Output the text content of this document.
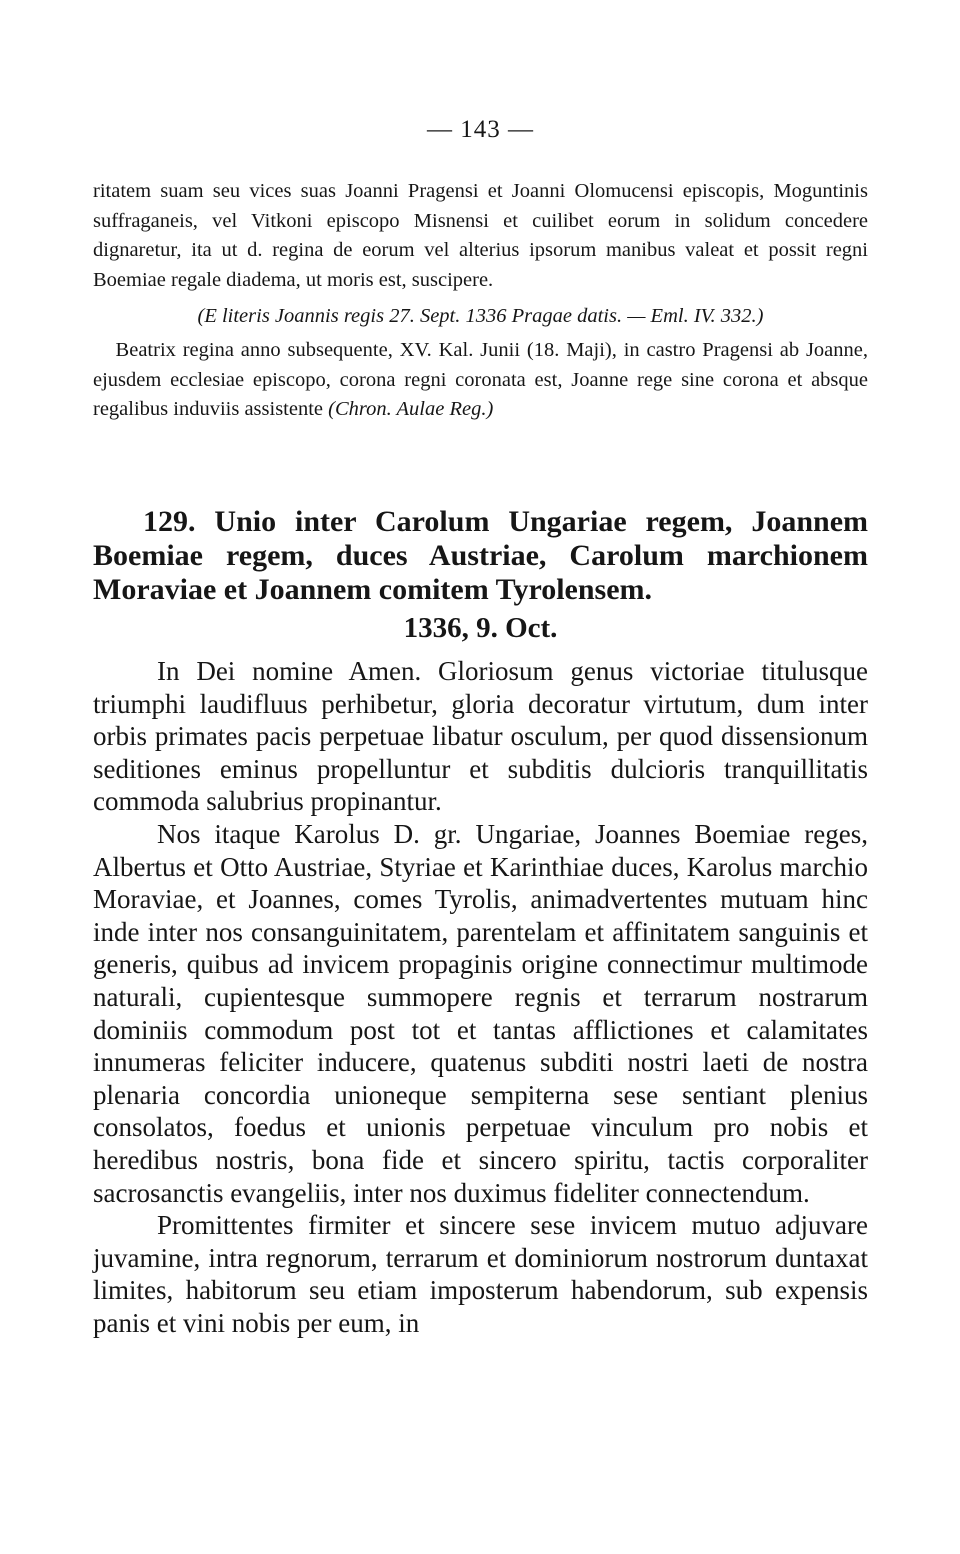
— 143 —

ritatem suam seu vices suas Joanni Pragensi et Joanni Olomucensi episcopis, Moguntinis suffraganeis, vel Vitkoni episcopo Misnensi et cuilibet eorum in solidum concedere dignaretur, ita ut d. regina de eorum vel alterius ipsorum manibus valeat et possit regni Boemiae regale diadema, ut moris est, suscipere.

(E literis Joannis regis 27. Sept. 1336 Pragae datis. — Eml. IV. 332.)

Beatrix regina anno subsequente, XV. Kal. Junii (18. Maji), in castro Pragensi ab Joanne, ejusdem ecclesiae episcopo, corona regni coronata est, Joanne rege sine corona et absque regalibus induviis assistente (Chron. Aulae Reg.)

129. Unio inter Carolum Ungariae regem, Joannem Boemiae regem, duces Austriae, Carolum marchionem Moraviae et Joannem comitem Tyrolensem.

1336, 9. Oct.

In Dei nomine Amen. Gloriosum genus victoriae titulusque triumphi laudifluus perhibetur, gloria decoratur virtutum, dum inter orbis primates pacis perpetuae libatur osculum, per quod dissensionum seditiones eminus propelluntur et subditis dulcioris tranquillitatis commoda salubrius propinantur.

Nos itaque Karolus D. gr. Ungariae, Joannes Boemiae reges, Albertus et Otto Austriae, Styriae et Karinthiae duces, Karolus marchio Moraviae, et Joannes, comes Tyrolis, animadvertentes mutuam hinc inde inter nos consanguinitatem, parentelam et affinitatem sanguinis et generis, quibus ad invicem propaginis origine connectimur multimode naturali, cupientesque summopere regnis et terrarum nostrarum dominiis commodum post tot et tantas afflictiones et calamitates innumeras feliciter inducere, quatenus subditi nostri laeti de nostra plenaria concordia unioneque sempiterna sese sentiant plenius consolatos, foedus et unionis perpetuae vinculum pro nobis et heredibus nostris, bona fide et sincero spiritu, tactis corporaliter sacrosanctis evangeliis, inter nos duximus fideliter connectendum.

Promittentes firmiter et sincere sese invicem mutuo adjuvare juvamine, intra regnorum, terrarum et dominiorum nostrorum duntaxat limites, habitorum seu etiam imposterum habendorum, sub expensis panis et vini nobis per eum, in
